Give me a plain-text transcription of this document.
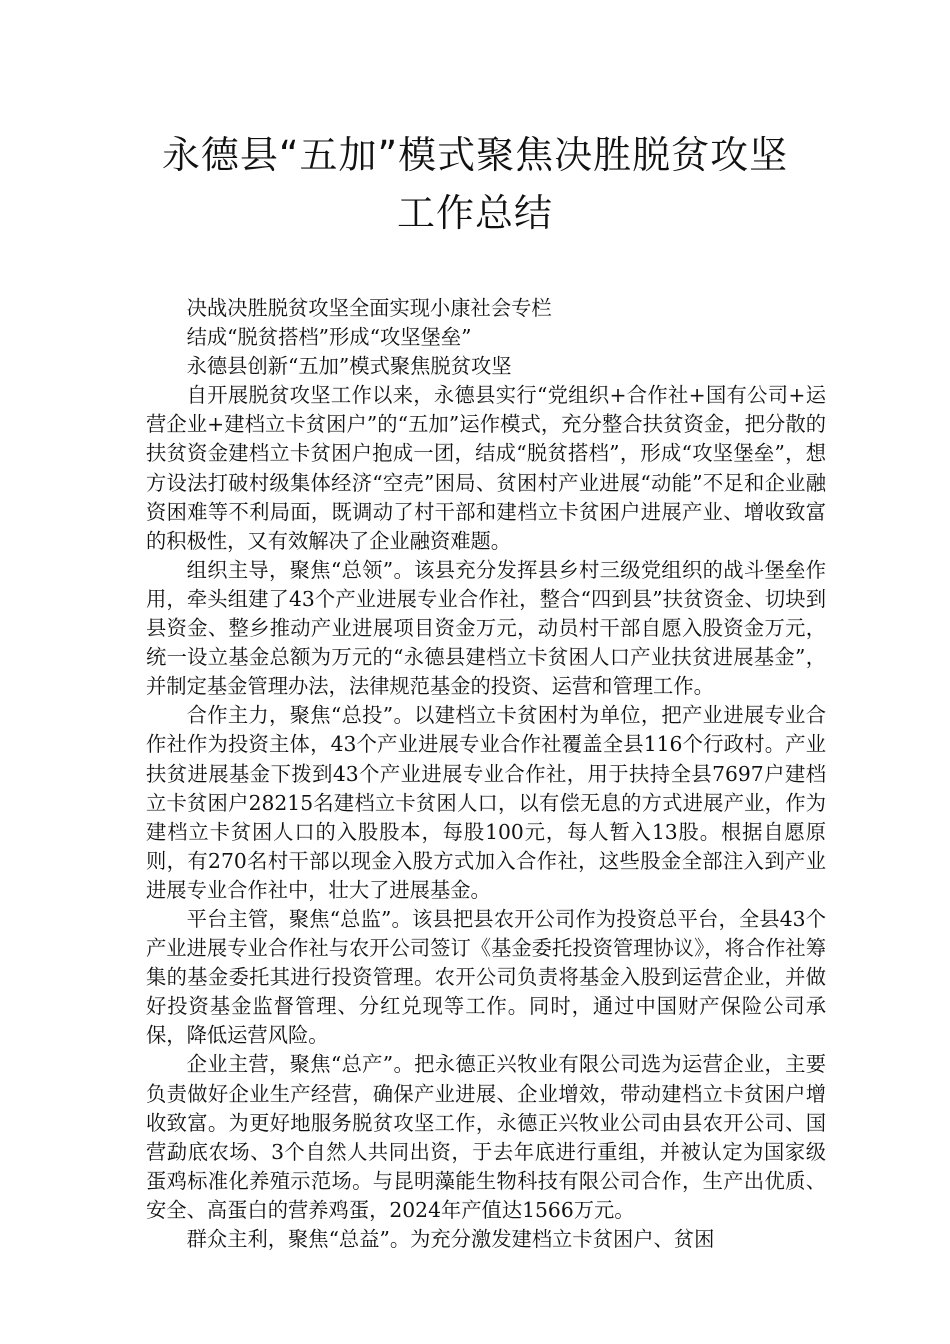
永德县“五加”模式聚焦决胜脱贫攻坚
工作总结

决战决胜脱贫攻坚全面实现小康社会专栏

结成“脱贫搭档”形成“攻坚堡垒”

永德县创新“五加”模式聚焦脱贫攻坚

自开展脱贫攻坚工作以来，永德县实行“党组织+合作社+国有公司+运营企业+建档立卡贫困户”的“五加”运作模式，充分整合扶贫资金，把分散的扶贫资金建档立卡贫困户抱成一团，结成“脱贫搭档”，形成“攻坚堡垒”，想方设法打破村级集体经济“空壳”困局、贫困村产业进展“动能”不足和企业融资困难等不利局面，既调动了村干部和建档立卡贫困户进展产业、增收致富的积极性，又有效解决了企业融资难题。

组织主导，聚焦“总领”。该县充分发挥县乡村三级党组织的战斗堡垒作用，牵头组建了43个产业进展专业合作社，整合“四到县”扶贫资金、切块到县资金、整乡推动产业进展项目资金万元，动员村干部自愿入股资金万元，统一设立基金总额为万元的“永德县建档立卡贫困人口产业扶贫进展基金”，并制定基金管理办法，法律规范基金的投资、运营和管理工作。

合作主力，聚焦“总投”。以建档立卡贫困村为单位，把产业进展专业合作社作为投资主体，43个产业进展专业合作社覆盖全县116个行政村。产业扶贫进展基金下拨到43个产业进展专业合作社，用于扶持全县7697户建档立卡贫困户28215名建档立卡贫困人口，以有偿无息的方式进展产业，作为建档立卡贫困人口的入股股本，每股100元，每人暂入13股。根据自愿原则，有270名村干部以现金入股方式加入合作社，这些股金全部注入到产业进展专业合作社中，壮大了进展基金。

平台主管，聚焦“总监”。该县把县农开公司作为投资总平台，全县43个产业进展专业合作社与农开公司签订《基金委托投资管理协议》，将合作社筹集的基金委托其进行投资管理。农开公司负责将基金入股到运营企业，并做好投资基金监督管理、分红兑现等工作。同时，通过中国财产保险公司承保，降低运营风险。

企业主营，聚焦“总产”。把永德正兴牧业有限公司选为运营企业，主要负责做好企业生产经营，确保产业进展、企业增效，带动建档立卡贫困户增收致富。为更好地服务脱贫攻坚工作，永德正兴牧业公司由县农开公司、国营勐底农场、3个自然人共同出资，于去年底进行重组，并被认定为国家级蛋鸡标准化养殖示范场。与昆明藻能生物科技有限公司合作，生产出优质、安全、高蛋白的营养鸡蛋，2024年产值达1566万元。

群众主利，聚焦“总益”。为充分激发建档立卡贫困户、贫困
